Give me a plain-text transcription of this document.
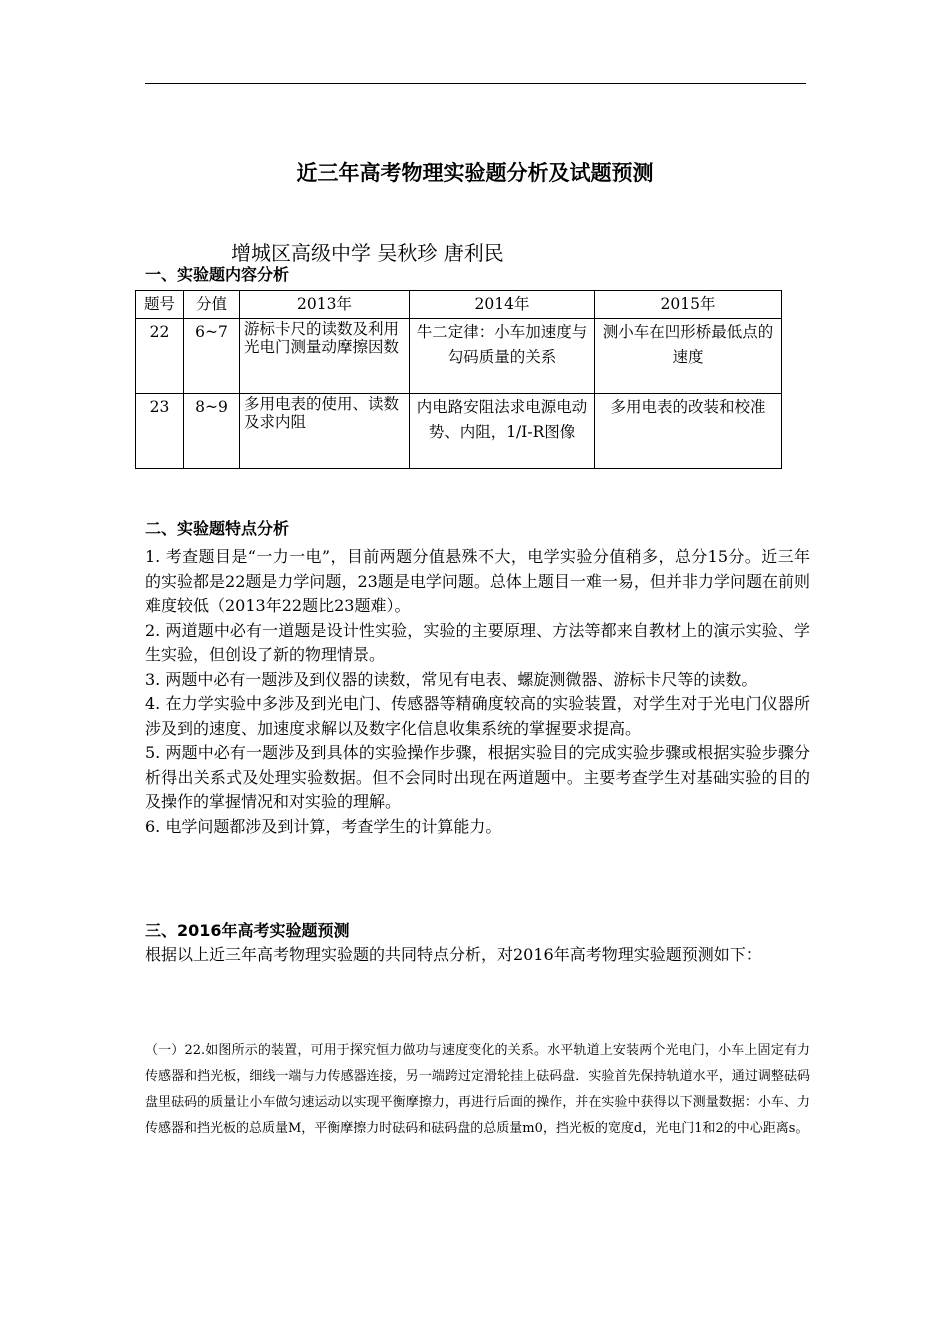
近三年高考物理实验题分析及试题预测
增城区高级中学 吴秋珍 唐利民
一、实验题内容分析
题号	分值	2013年	2014年	2015年
22	6~7	游标卡尺的读数及利用光电门测量动摩擦因数	牛二定律：小车加速度与勾码质量的关系	测小车在凹形桥最低点的速度
23	8~9	多用电表的使用、读数及求内阻	内电路安阻法求电源电动势、内阻，1/I-R图像	多用电表的改装和校准
二、实验题特点分析
1. 考查题目是“一力一电”，目前两题分值悬殊不大，电学实验分值稍多，总分15分。近三年的实验都是22题是力学问题，23题是电学问题。总体上题目一难一易，但并非力学问题在前则难度较低（2013年22题比23题难）。
2. 两道题中必有一道题是设计性实验，实验的主要原理、方法等都来自教材上的演示实验、学生实验，但创设了新的物理情景。
3. 两题中必有一题涉及到仪器的读数，常见有电表、螺旋测微器、游标卡尺等的读数。
4. 在力学实验中多涉及到光电门、传感器等精确度较高的实验装置，对学生对于光电门仪器所涉及到的速度、加速度求解以及数字化信息收集系统的掌握要求提高。
5. 两题中必有一题涉及到具体的实验操作步骤，根据实验目的完成实验步骤或根据实验步骤分析得出关系式及处理实验数据。但不会同时出现在两道题中。主要考查学生对基础实验的目的及操作的掌握情况和对实验的理解。
6. 电学问题都涉及到计算，考查学生的计算能力。
三、2016年高考实验题预测
根据以上近三年高考物理实验题的共同特点分析，对2016年高考物理实验题预测如下：
（一）22.如图所示的装置，可用于探究恒力做功与速度变化的关系。水平轨道上安装两个光电门，小车上固定有力传感器和挡光板，细线一端与力传感器连接，另一端跨过定滑轮挂上砝码盘．实验首先保持轨道水平，通过调整砝码盘里砝码的质量让小车做匀速运动以实现平衡摩擦力，再进行后面的操作，并在实验中获得以下测量数据：小车、力传感器和挡光板的总质量M，平衡摩擦力时砝码和砝码盘的总质量m0，挡光板的宽度d，光电门1和2的中心距离s。
